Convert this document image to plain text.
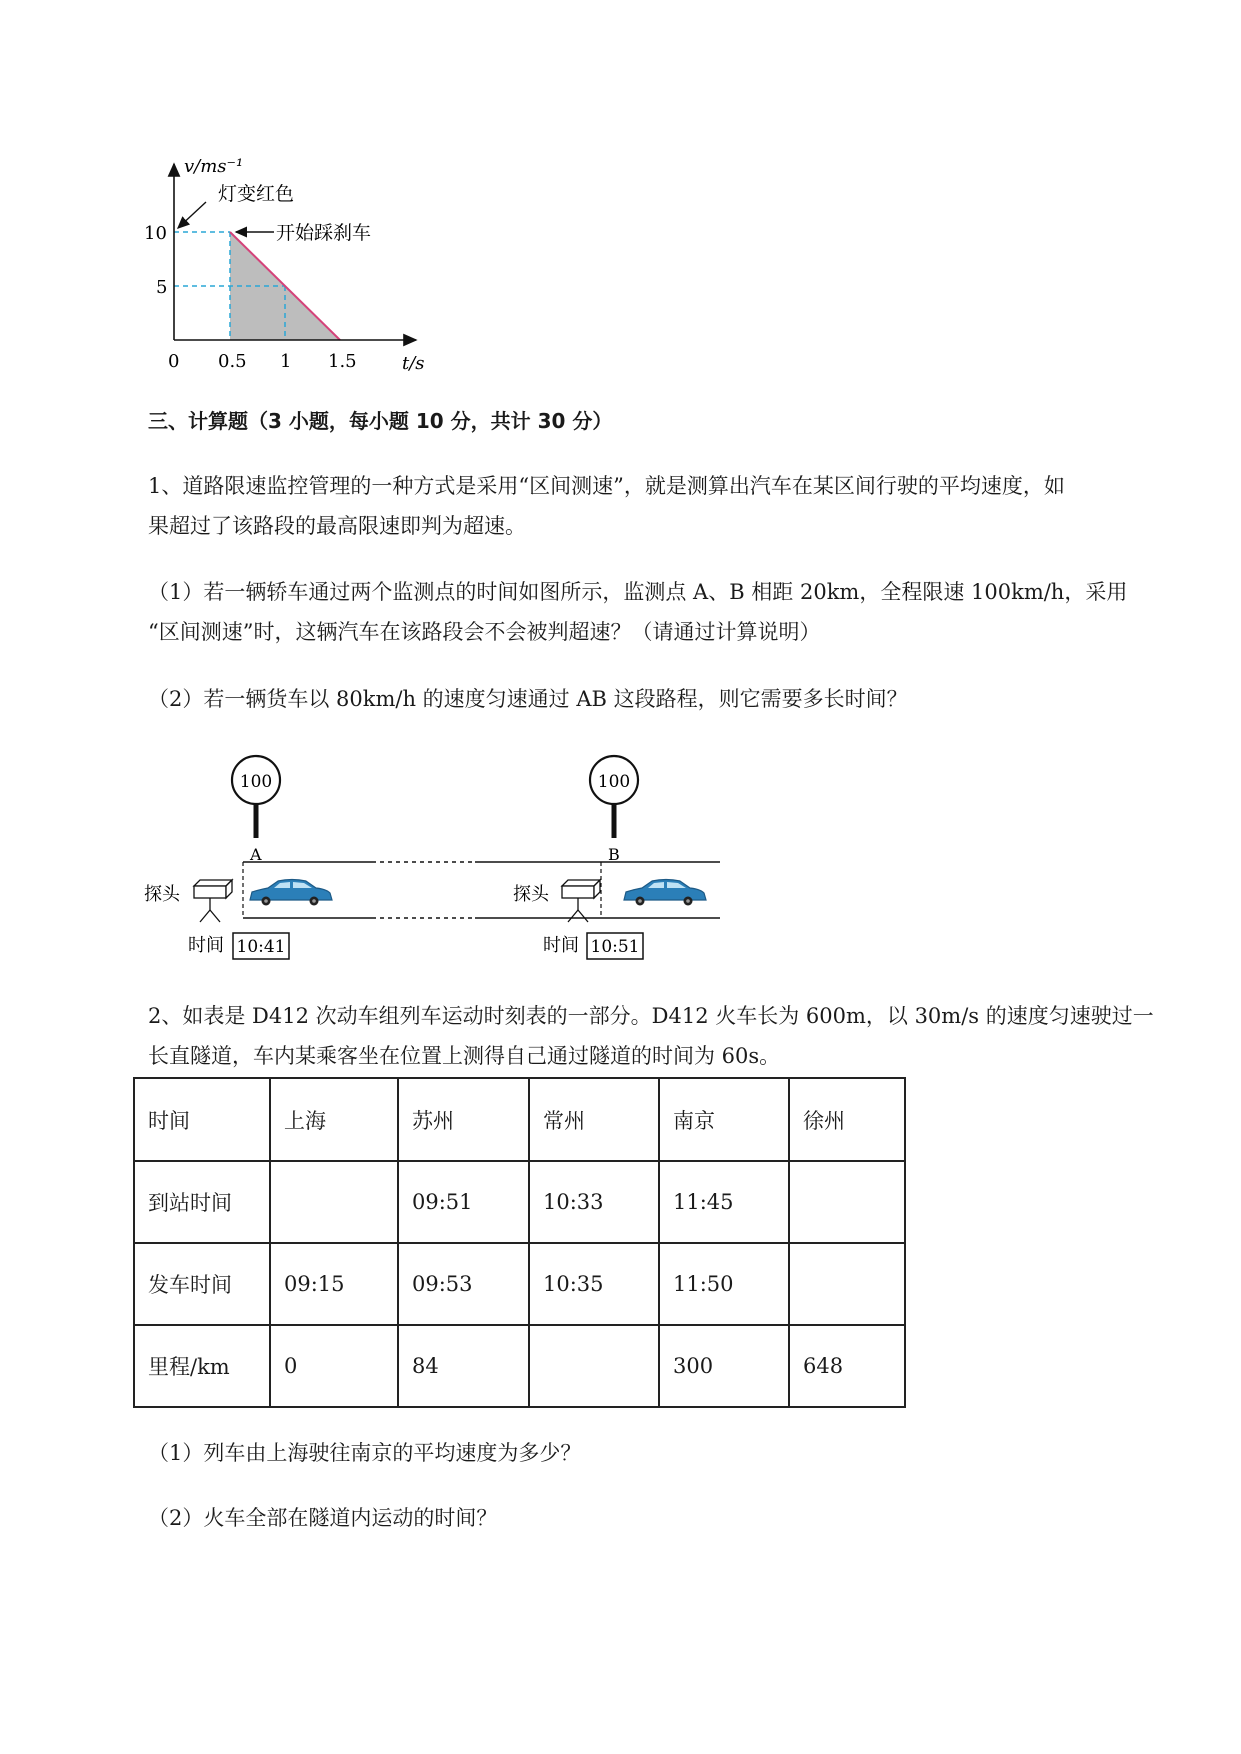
v/ms⁻¹
灯变红色
开始踩刹车
10
5
0 0.5 1 1.5	t/s
三、计算题（3 小题，每小题 10 分，共计 30 分）
1、道路限速监控管理的一种方式是采用“区间测速”，就是测算出汽车在某区间行驶的平均速度，如
果超过了该路段的最高限速即判为超速。
（1）若一辆轿车通过两个监测点的时间如图所示，监测点 A、B 相距 20km，全程限速 100km/h，采用
“区间测速”时，这辆汽车在该路段会不会被判超速？（请通过计算说明）
（2）若一辆货车以 80km/h 的速度匀速通过 AB 这段路程，则它需要多长时间？
100
A
100
B
探头	探头
时间 10:41	时间 10:51
2、如表是 D412 次动车组列车运动时刻表的一部分。D412 火车长为 600m，以 30m/s 的速度匀速驶过一
长直隧道，车内某乘客坐在位置上测得自己通过隧道的时间为 60s。
时间	上海	苏州	常州	南京	徐州
到站时间		09:51	10:33	11:45	
发车时间	09:15	09:53	10:35	11:50	
里程/km	0	84		300	648
（1）列车由上海驶往南京的平均速度为多少？
（2）火车全部在隧道内运动的时间？
